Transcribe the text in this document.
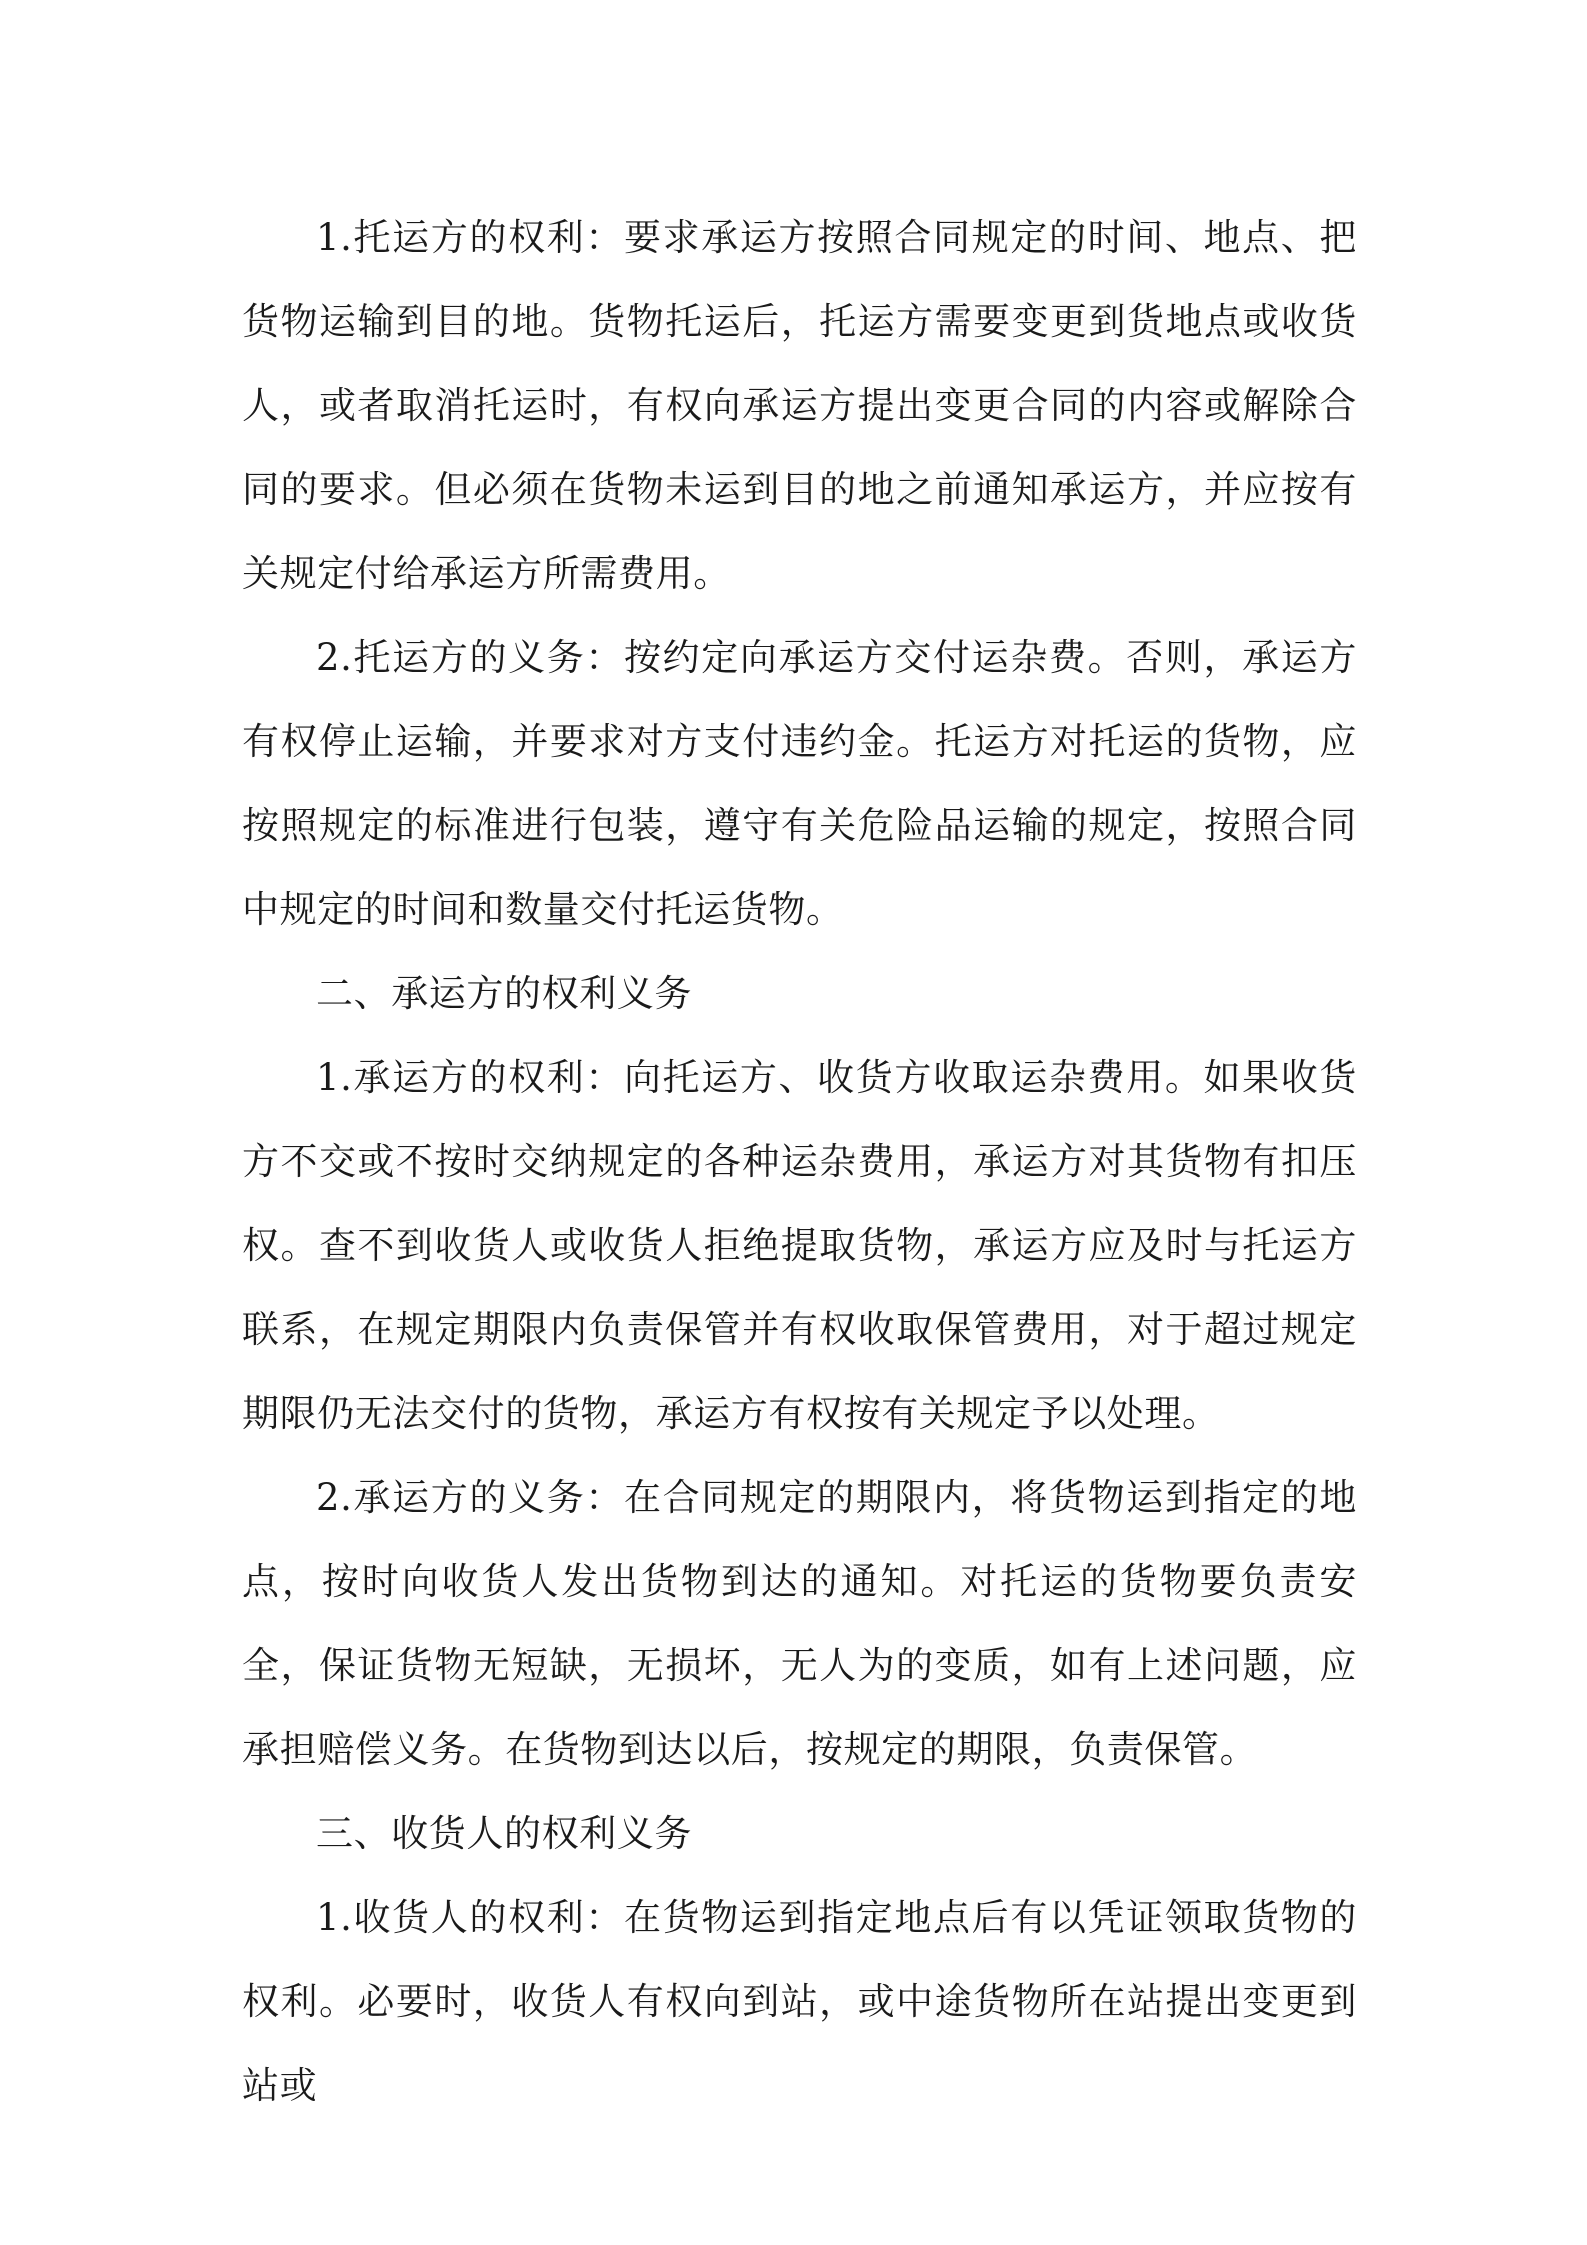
1.托运方的权利：要求承运方按照合同规定的时间、地点、把货物运输到目的地。货物托运后，托运方需要变更到货地点或收货人，或者取消托运时，有权向承运方提出变更合同的内容或解除合同的要求。但必须在货物未运到目的地之前通知承运方，并应按有关规定付给承运方所需费用。

2.托运方的义务：按约定向承运方交付运杂费。否则，承运方有权停止运输，并要求对方支付违约金。托运方对托运的货物，应按照规定的标准进行包装，遵守有关危险品运输的规定，按照合同中规定的时间和数量交付托运货物。

二、承运方的权利义务

1.承运方的权利：向托运方、收货方收取运杂费用。如果收货方不交或不按时交纳规定的各种运杂费用，承运方对其货物有扣压权。查不到收货人或收货人拒绝提取货物，承运方应及时与托运方联系，在规定期限内负责保管并有权收取保管费用，对于超过规定期限仍无法交付的货物，承运方有权按有关规定予以处理。

2.承运方的义务：在合同规定的期限内，将货物运到指定的地点，按时向收货人发出货物到达的通知。对托运的货物要负责安全，保证货物无短缺，无损坏，无人为的变质，如有上述问题，应承担赔偿义务。在货物到达以后，按规定的期限，负责保管。

三、收货人的权利义务

1.收货人的权利：在货物运到指定地点后有以凭证领取货物的权利。必要时，收货人有权向到站，或中途货物所在站提出变更到站或
